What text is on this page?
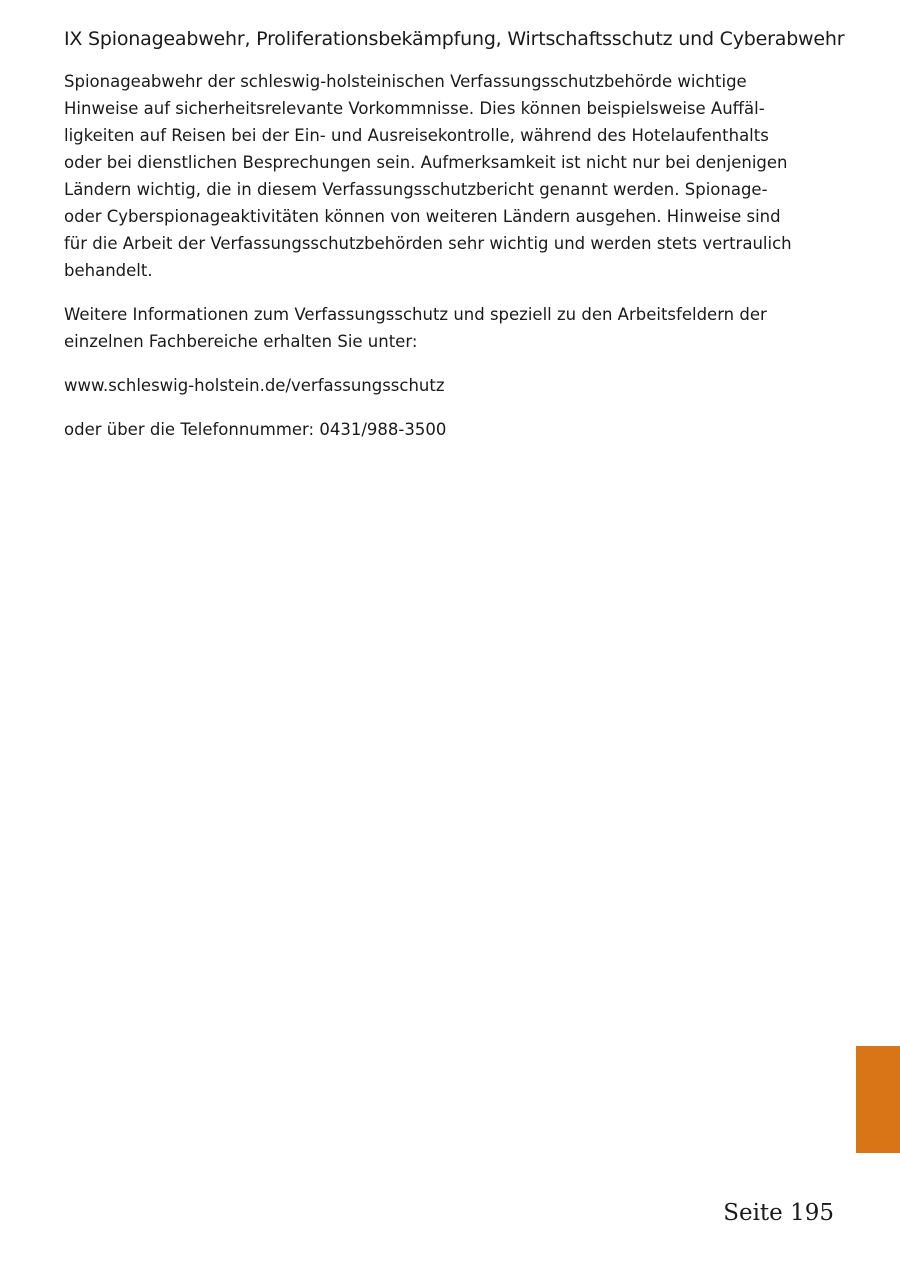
IX Spionageabwehr, Proliferationsbekämpfung, Wirtschaftsschutz und Cyberabwehr

Spionageabwehr der schleswig-holsteinischen Verfassungsschutzbehörde wichtige
Hinweise auf sicherheitsrelevante Vorkommnisse. Dies können beispielsweise Auffäl-
ligkeiten auf Reisen bei der Ein- und Ausreisekontrolle, während des Hotelaufenthalts
oder bei dienstlichen Besprechungen sein. Aufmerksamkeit ist nicht nur bei denjenigen
Ländern wichtig, die in diesem Verfassungsschutzbericht genannt werden. Spionage-
oder Cyberspionageaktivitäten können von weiteren Ländern ausgehen. Hinweise sind
für die Arbeit der Verfassungsschutzbehörden sehr wichtig und werden stets vertraulich
behandelt.

Weitere Informationen zum Verfassungsschutz und speziell zu den Arbeitsfeldern der
einzelnen Fachbereiche erhalten Sie unter:

www.schleswig-holstein.de/verfassungsschutz

oder über die Telefonnummer: 0431/988-3500

Seite 195
